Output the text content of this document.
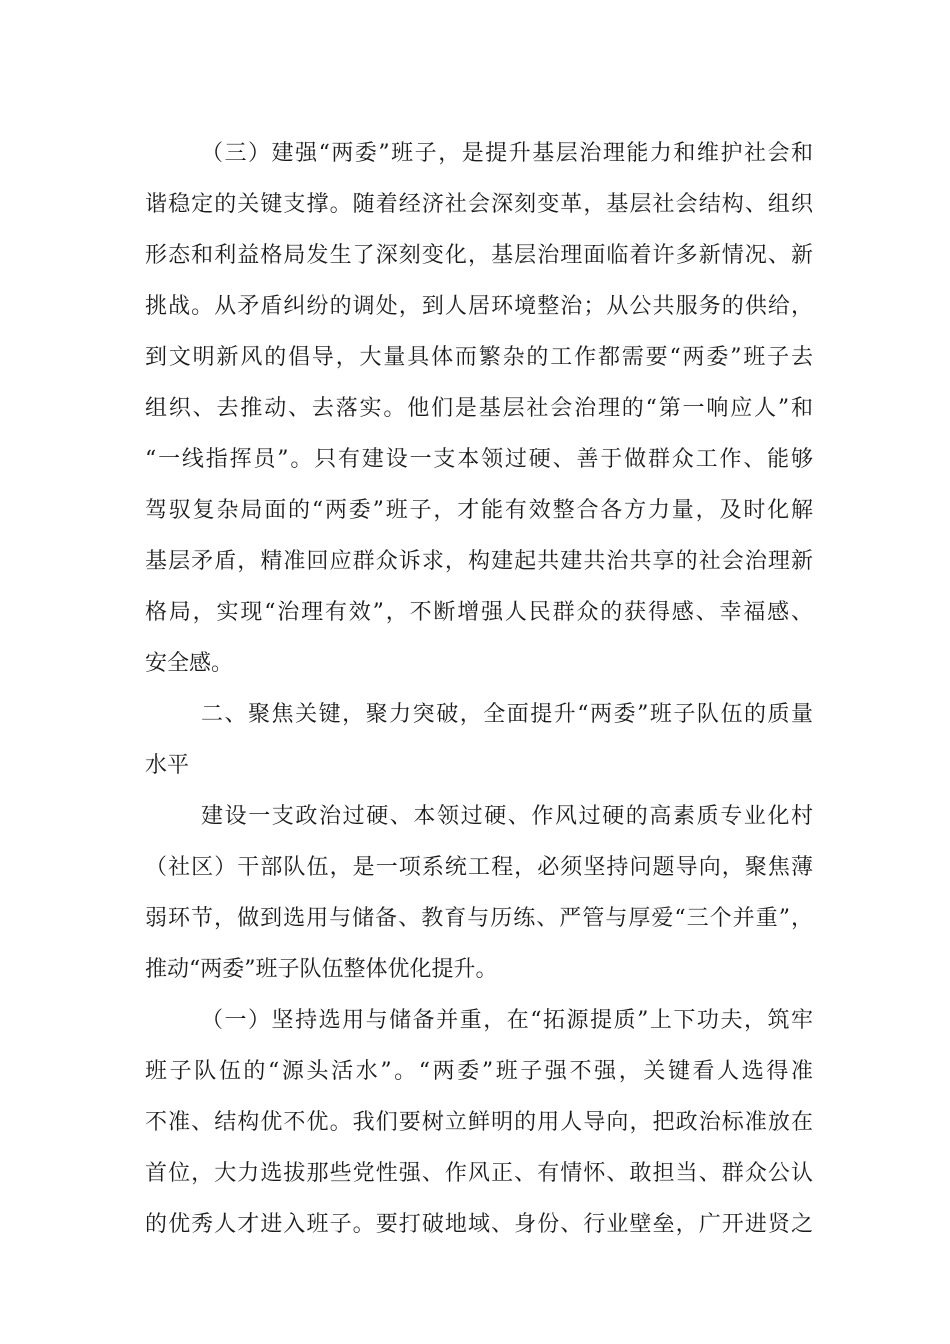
（三）建强“两委”班子，是提升基层治理能力和维护社会和
谐稳定的关键支撑。随着经济社会深刻变革，基层社会结构、组织
形态和利益格局发生了深刻变化，基层治理面临着许多新情况、新
挑战。从矛盾纠纷的调处，到人居环境整治；从公共服务的供给，
到文明新风的倡导，大量具体而繁杂的工作都需要“两委”班子去
组织、去推动、去落实。他们是基层社会治理的“第一响应人”和
“一线指挥员”。只有建设一支本领过硬、善于做群众工作、能够
驾驭复杂局面的“两委”班子，才能有效整合各方力量，及时化解
基层矛盾，精准回应群众诉求，构建起共建共治共享的社会治理新
格局，实现“治理有效”，不断增强人民群众的获得感、幸福感、
安全感。
二、聚焦关键，聚力突破，全面提升“两委”班子队伍的质量
水平
建设一支政治过硬、本领过硬、作风过硬的高素质专业化村
（社区）干部队伍，是一项系统工程，必须坚持问题导向，聚焦薄
弱环节，做到选用与储备、教育与历练、严管与厚爱“三个并重”，
推动“两委”班子队伍整体优化提升。
（一）坚持选用与储备并重，在“拓源提质”上下功夫，筑牢
班子队伍的“源头活水”。“两委”班子强不强，关键看人选得准
不准、结构优不优。我们要树立鲜明的用人导向，把政治标准放在
首位，大力选拔那些党性强、作风正、有情怀、敢担当、群众公认
的优秀人才进入班子。要打破地域、身份、行业壁垒，广开进贤之
